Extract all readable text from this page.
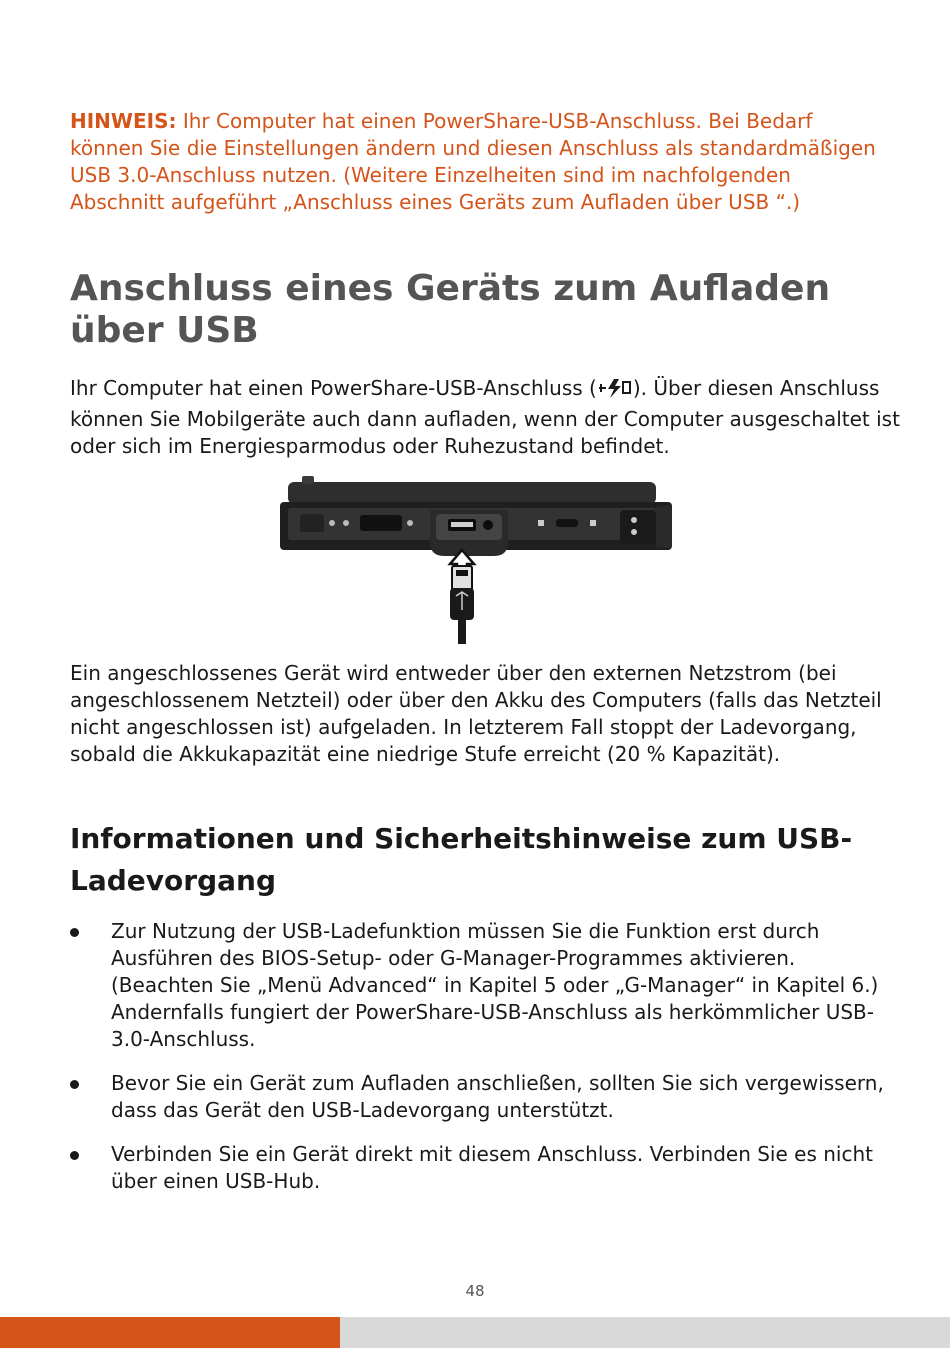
HINWEIS: Ihr Computer hat einen PowerShare-USB-Anschluss. Bei Bedarf können Sie die Einstellungen ändern und diesen Anschluss als standardmäßigen USB 3.0-Anschluss nutzen. (Weitere Einzelheiten sind im nachfolgenden Abschnitt aufgeführt „Anschluss eines Geräts zum Aufladen über USB “.)
Anschluss eines Geräts zum Aufladen über USB

Ihr Computer hat einen PowerShare-USB-Anschluss ( ). Über diesen Anschluss können Sie Mobilgeräte auch dann aufladen, wenn der Computer ausgeschaltet ist oder sich im Energiesparmodus oder Ruhezustand befindet.

Ein angeschlossenes Gerät wird entweder über den externen Netzstrom (bei angeschlossenem Netzteil) oder über den Akku des Computers (falls das Netzteil nicht angeschlossen ist) aufgeladen. In letzterem Fall stoppt der Ladevorgang, sobald die Akkukapazität eine niedrige Stufe erreicht (20 % Kapazität).

Informationen und Sicherheitshinweise zum USB-Ladevorgang
Zur Nutzung der USB-Ladefunktion müssen Sie die Funktion erst durch Ausführen des BIOS-Setup- oder G-Manager-Programmes aktivieren. (Beachten Sie „Menü Advanced“ in Kapitel 5 oder „G-Manager“ in Kapitel 6.) Andernfalls fungiert der PowerShare-USB-Anschluss als herkömmlicher USB-3.0-Anschluss.
Bevor Sie ein Gerät zum Aufladen anschließen, sollten Sie sich vergewissern, dass das Gerät den USB-Ladevorgang unterstützt.
Verbinden Sie ein Gerät direkt mit diesem Anschluss. Verbinden Sie es nicht über einen USB-Hub.
48
